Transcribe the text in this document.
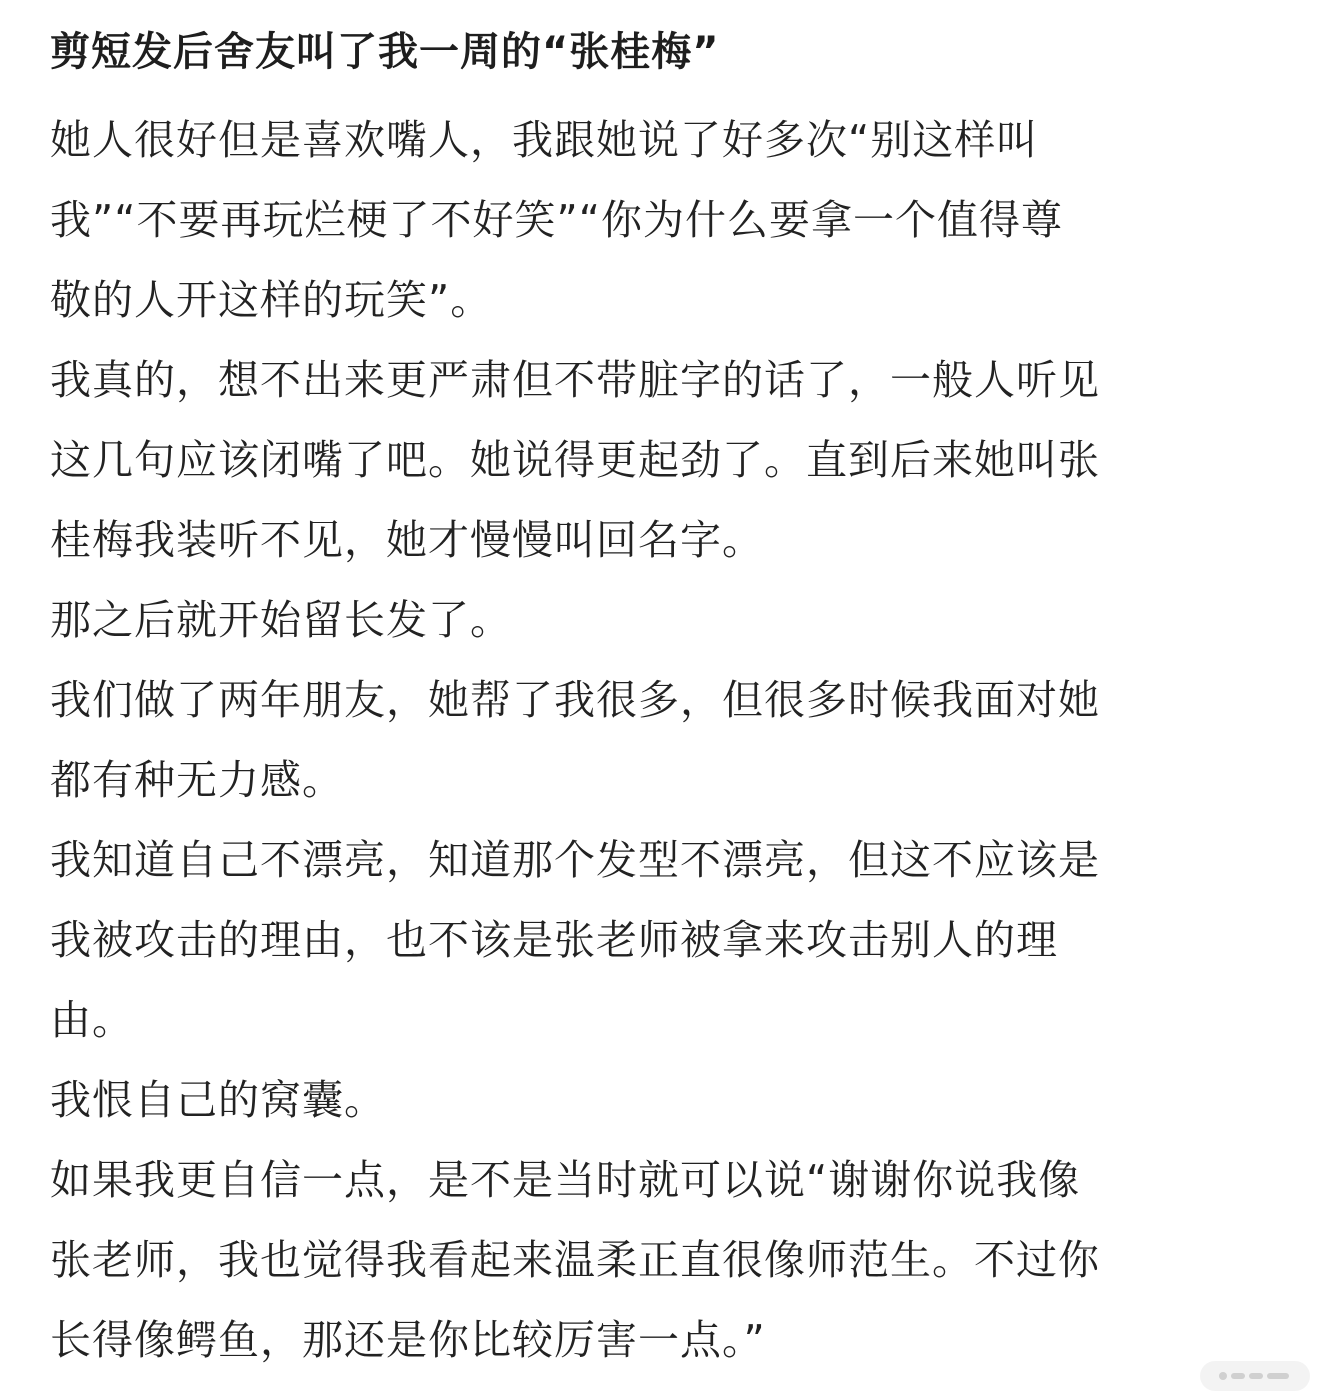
剪短发后舍友叫了我一周的“张桂梅”

她人很好但是喜欢嘴人，我跟她说了好多次“别这样叫
我”“不要再玩烂梗了不好笑”“你为什么要拿一个值得尊
敬的人开这样的玩笑”。

我真的，想不出来更严肃但不带脏字的话了，一般人听见
这几句应该闭嘴了吧。她说得更起劲了。直到后来她叫张
桂梅我装听不见，她才慢慢叫回名字。

那之后就开始留长发了。

我们做了两年朋友，她帮了我很多，但很多时候我面对她
都有种无力感。

我知道自己不漂亮，知道那个发型不漂亮，但这不应该是
我被攻击的理由，也不该是张老师被拿来攻击别人的理
由。

我恨自己的窝囊。

如果我更自信一点，是不是当时就可以说“谢谢你说我像
张老师，我也觉得我看起来温柔正直很像师范生。不过你
长得像鳄鱼，那还是你比较厉害一点。”
